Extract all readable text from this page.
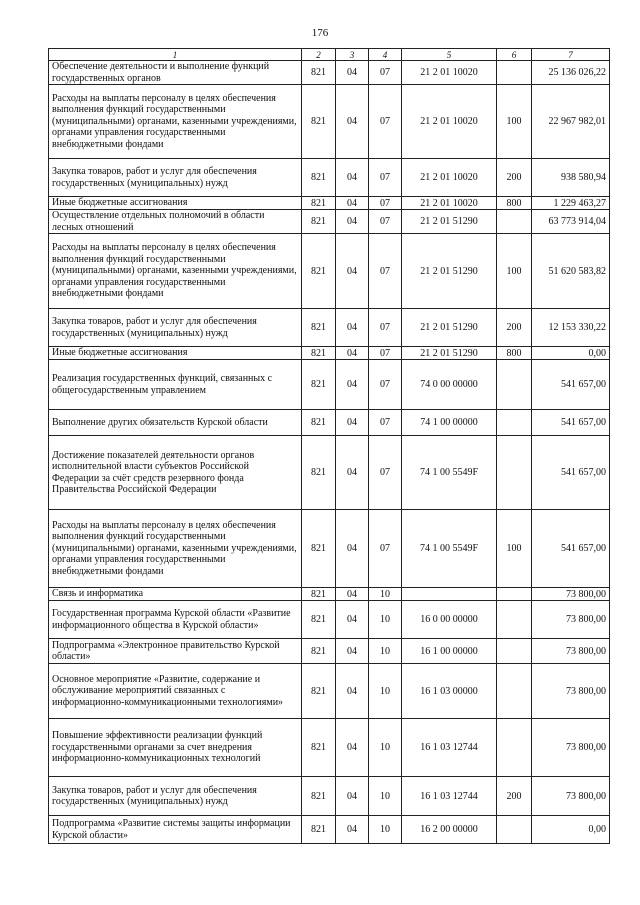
176
1	2	3	4	5	6	7
Обеспечение деятельности и выполнение функций государственных органов	821	04	07	21 2 01 10020		25 136 026,22
Расходы на выплаты персоналу в целях обеспечения выполнения функций государственными (муниципальными) органами, казенными учреждениями, органами управления государственными внебюджетными фондами	821	04	07	21 2 01 10020	100	22 967 982,01
Закупка товаров, работ и услуг для обеспечения государственных (муниципальных) нужд	821	04	07	21 2 01 10020	200	938 580,94
Иные бюджетные ассигнования	821	04	07	21 2 01 10020	800	1 229 463,27
Осуществление отдельных полномочий в области лесных отношений	821	04	07	21 2 01 51290		63 773 914,04
Расходы на выплаты персоналу в целях обеспечения выполнения функций государственными (муниципальными) органами, казенными учреждениями, органами управления государственными внебюджетными фондами	821	04	07	21 2 01 51290	100	51 620 583,82
Закупка товаров, работ и услуг для обеспечения государственных (муниципальных) нужд	821	04	07	21 2 01 51290	200	12 153 330,22
Иные бюджетные ассигнования	821	04	07	21 2 01 51290	800	0,00
Реализация государственных функций, связанных с общегосударственным управлением	821	04	07	74 0 00 00000		541 657,00
Выполнение других обязательств Курской области	821	04	07	74 1 00 00000		541 657,00
Достижение показателей деятельности органов исполнительной власти субъектов Российской Федерации за счёт средств резервного фонда Правительства Российской Федерации	821	04	07	74 1 00 5549F		541 657,00
Расходы на выплаты персоналу в целях обеспечения выполнения функций государственными (муниципальными) органами, казенными учреждениями, органами управления государственными внебюджетными фондами	821	04	07	74 1 00 5549F	100	541 657,00
Связь и информатика	821	04	10			73 800,00
Государственная программа Курской области «Развитие информационного общества в Курской области»	821	04	10	16 0 00 00000		73 800,00
Подпрограмма «Электронное правительство Курской области»	821	04	10	16 1 00 00000		73 800,00
Основное мероприятие «Развитие, содержание и обслуживание мероприятий связанных с информационно-коммуникационными технологиями»	821	04	10	16 1 03 00000		73 800,00
Повышение эффективности реализации функций государственными органами за счет внедрения информационно-коммуникационных технологий	821	04	10	16 1 03 12744		73 800,00
Закупка товаров, работ и услуг для обеспечения государственных (муниципальных) нужд	821	04	10	16 1 03 12744	200	73 800,00
Подпрограмма «Развитие системы защиты информации Курской области»	821	04	10	16 2 00 00000		0,00
